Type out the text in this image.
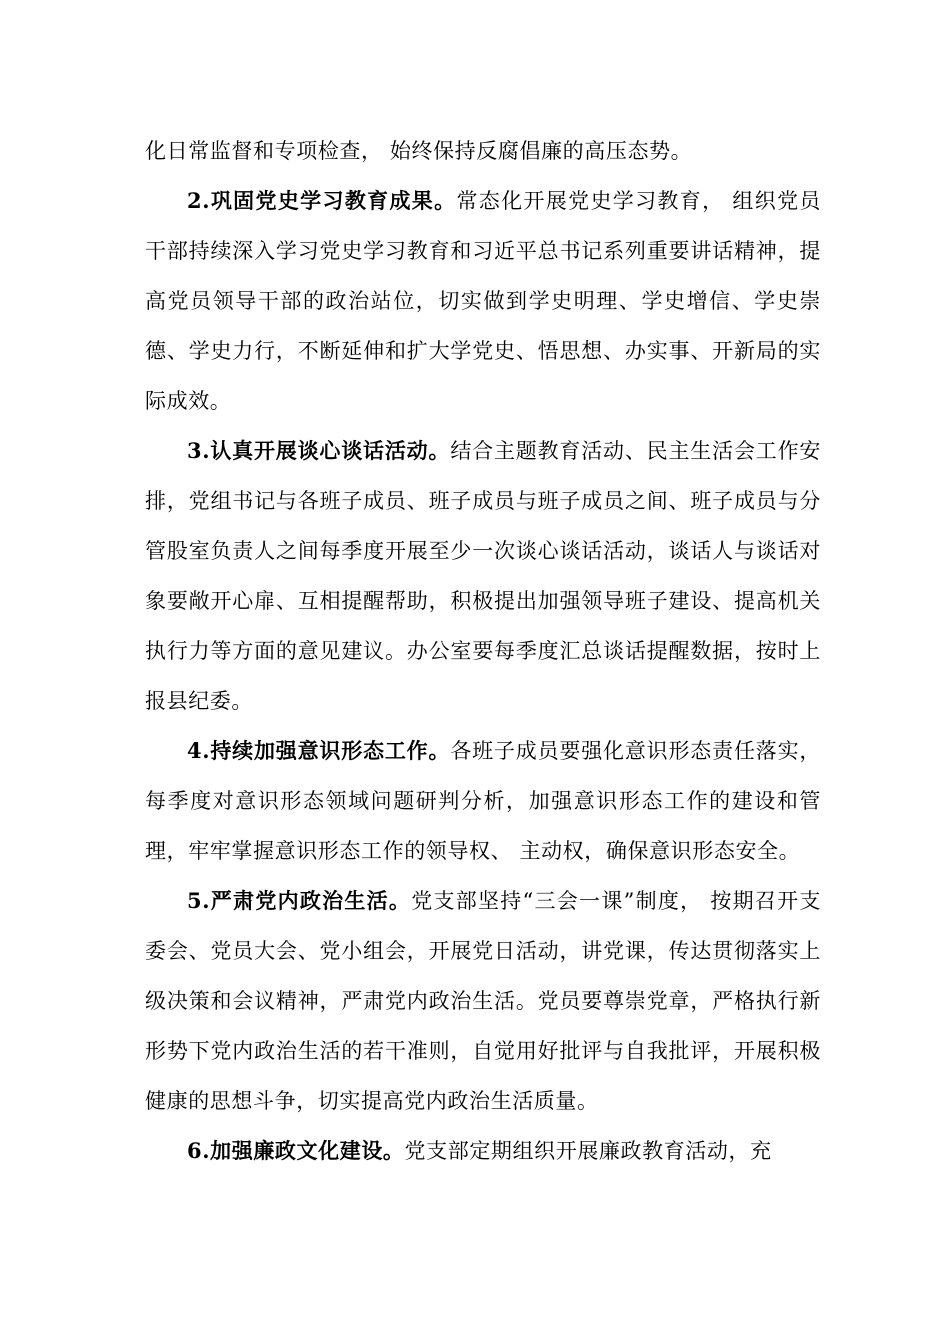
化日常监督和专项检查， 始终保持反腐倡廉的高压态势。

2.巩固党史学习教育成果。常态化开展党史学习教育， 组织党员干部持续深入学习党史学习教育和习近平总书记系列重要讲话精神，提高党员领导干部的政治站位，切实做到学史明理、学史增信、学史崇德、学史力行，不断延伸和扩大学党史、悟思想、办实事、开新局的实际成效。

3.认真开展谈心谈话活动。结合主题教育活动、民主生活会工作安排，党组书记与各班子成员、班子成员与班子成员之间、班子成员与分管股室负责人之间每季度开展至少一次谈心谈话活动，谈话人与谈话对象要敞开心扉、互相提醒帮助，积极提出加强领导班子建设、提高机关执行力等方面的意见建议。办公室要每季度汇总谈话提醒数据，按时上报县纪委。

4.持续加强意识形态工作。各班子成员要强化意识形态责任落实，每季度对意识形态领域问题研判分析，加强意识形态工作的建设和管理，牢牢掌握意识形态工作的领导权、 主动权，确保意识形态安全。

5.严肃党内政治生活。党支部坚持“三会一课”制度， 按期召开支委会、党员大会、党小组会，开展党日活动，讲党课，传达贯彻落实上级决策和会议精神，严肃党内政治生活。党员要尊崇党章，严格执行新形势下党内政治生活的若干准则，自觉用好批评与自我批评，开展积极健康的思想斗争，切实提高党内政治生活质量。

6.加强廉政文化建设。党支部定期组织开展廉政教育活动，充
